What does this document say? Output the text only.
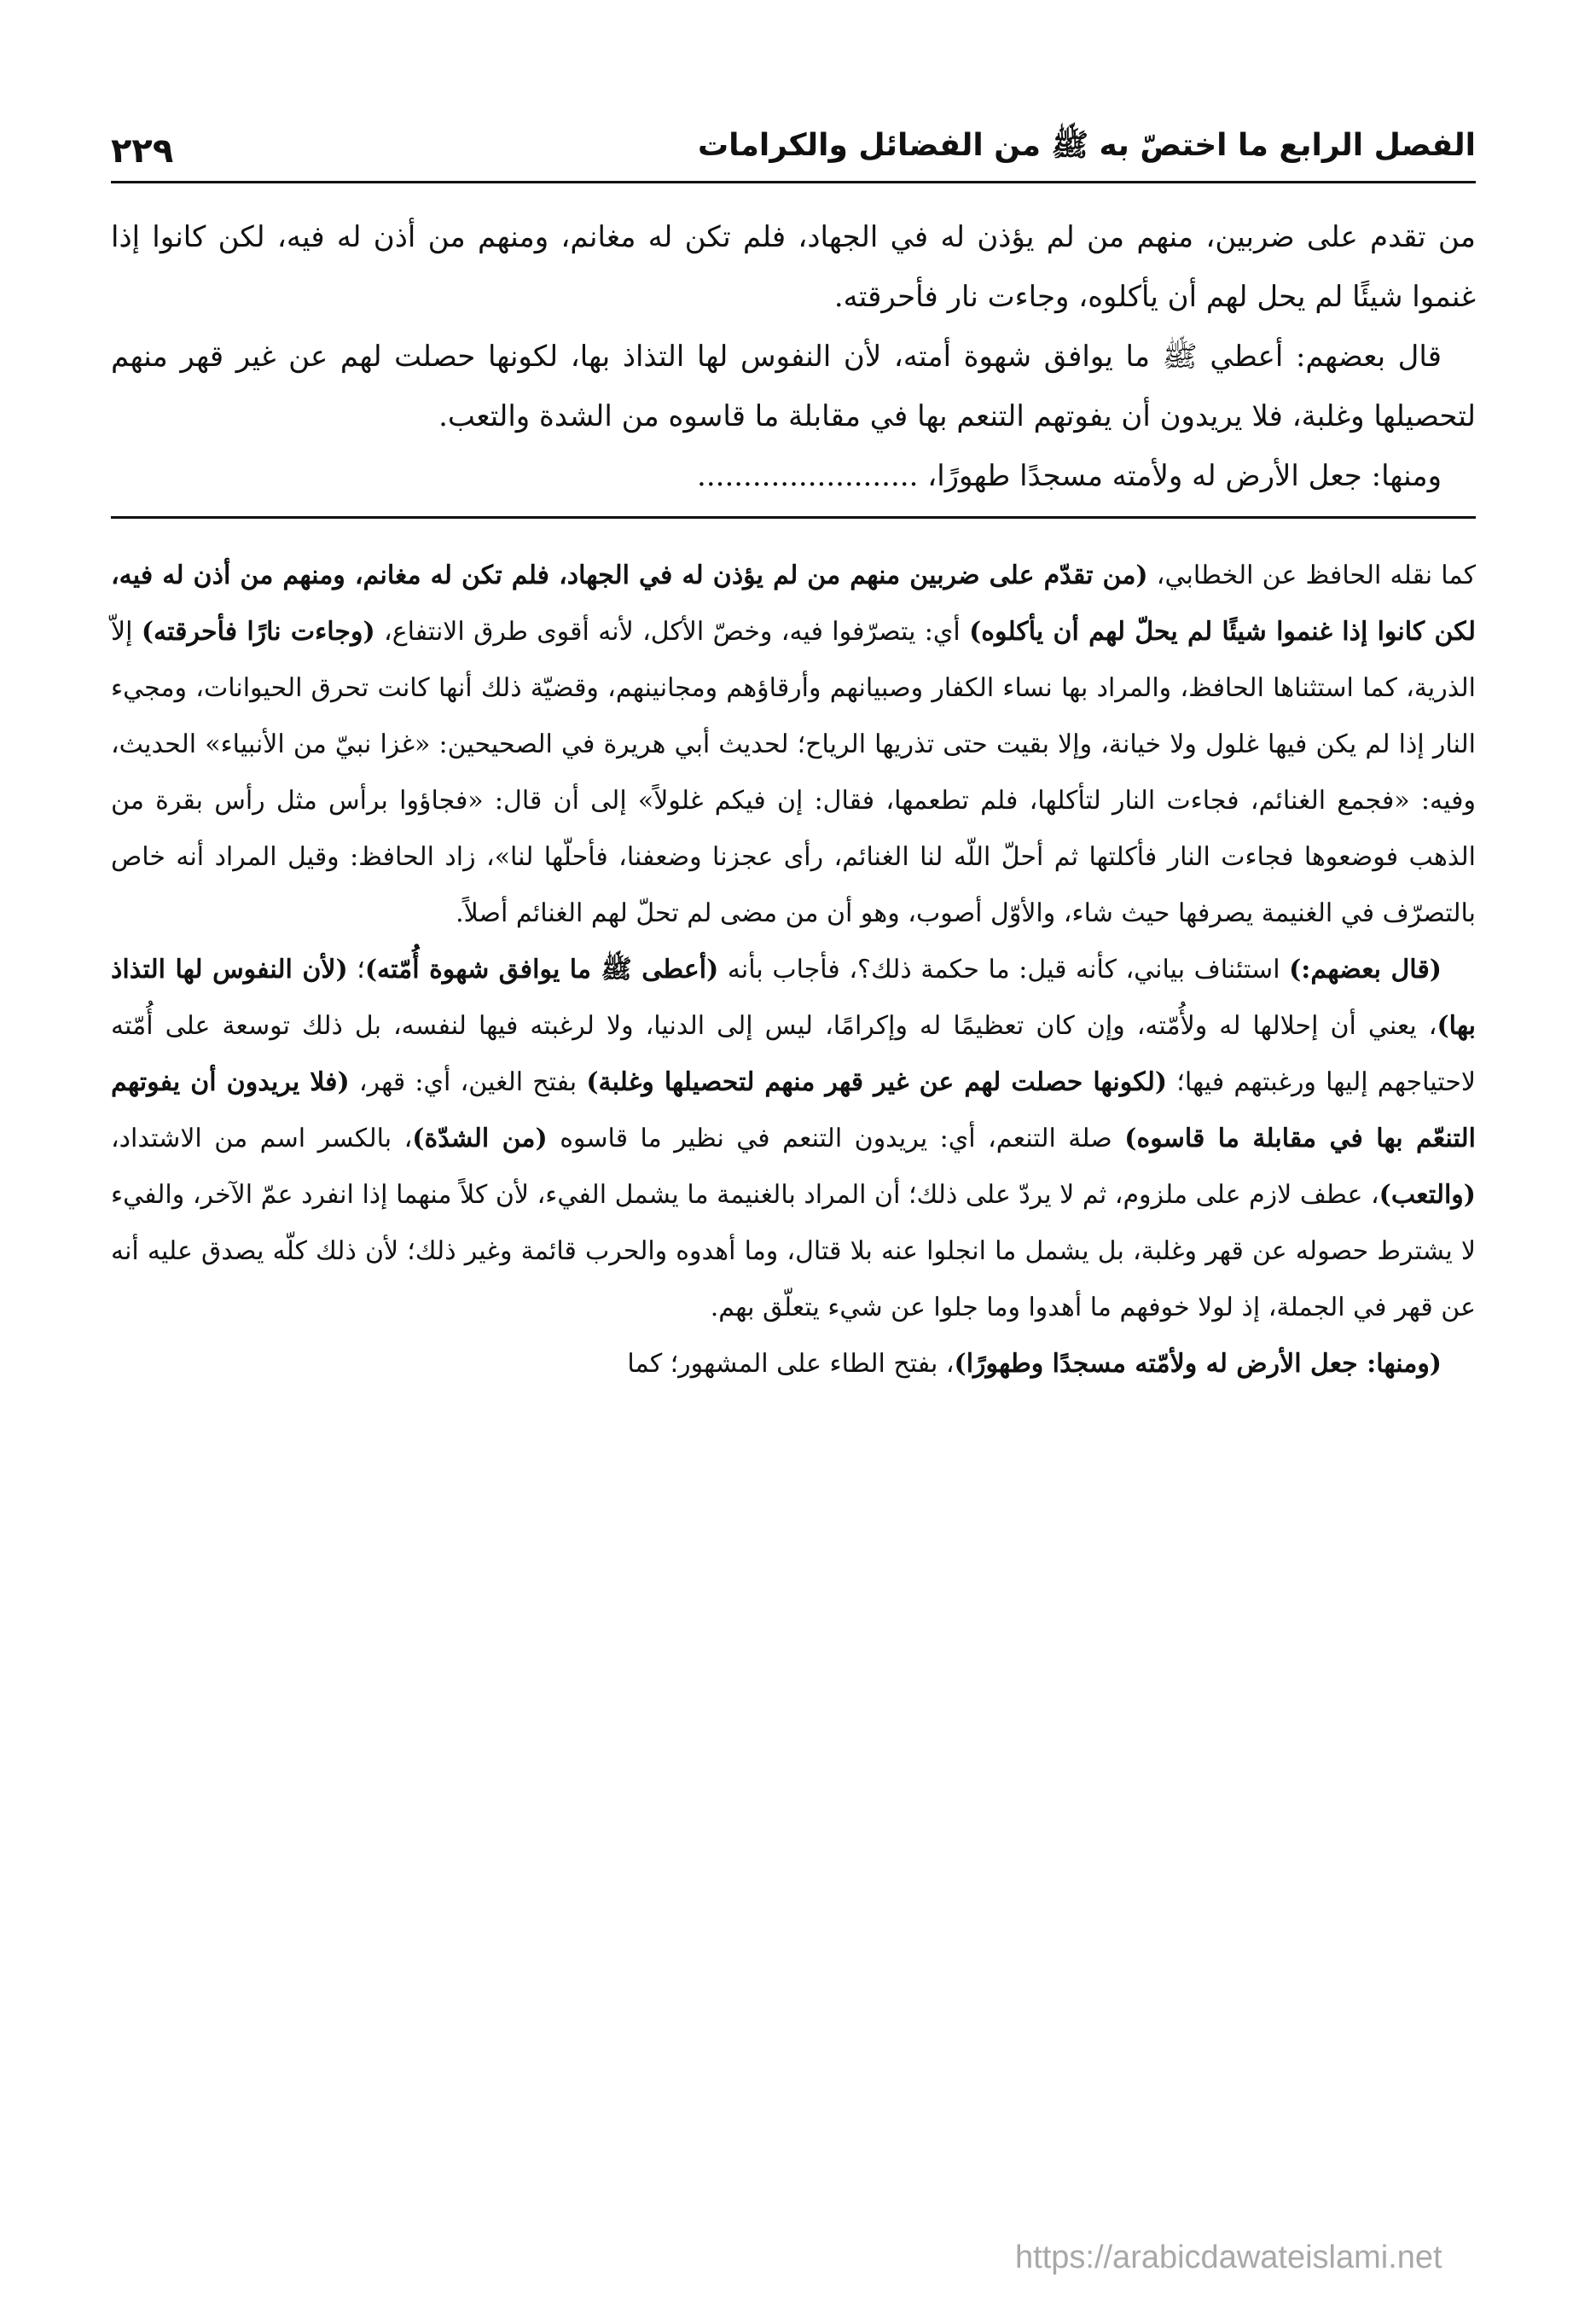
الفصل الرابع ما اختصّ به ﷺ من الفضائل والكرامات
٢٢٩

من تقدم على ضربين، منهم من لم يؤذن له في الجهاد، فلم تكن له مغانم، ومنهم من أذن له فيه، لكن كانوا إذا غنموا شيئًا لم يحل لهم أن يأكلوه، وجاءت نار فأحرقته.

قال بعضهم: أعطي ﷺ ما يوافق شهوة أمته، لأن النفوس لها التذاذ بها، لكونها حصلت لهم عن غير قهر منهم لتحصيلها وغلبة، فلا يريدون أن يفوتهم التنعم بها في مقابلة ما قاسوه من الشدة والتعب.

ومنها: جعل الأرض له ولأمته مسجدًا طهورًا، ........................

كما نقله الحافظ عن الخطابي، (من تقدّم على ضربين منهم من لم يؤذن له في الجهاد، فلم تكن له مغانم، ومنهم من أذن له فيه، لكن كانوا إذا غنموا شيئًا لم يحلّ لهم أن يأكلوه) أي: يتصرّفوا فيه، وخصّ الأكل، لأنه أقوى طرق الانتفاع، (وجاءت نارًا فأحرقته) إلاّ الذرية، كما استثناها الحافظ، والمراد بها نساء الكفار وصبيانهم وأرقاؤهم ومجانينهم، وقضيّة ذلك أنها كانت تحرق الحيوانات، ومجيء النار إذا لم يكن فيها غلول ولا خيانة، وإلا بقيت حتى تذريها الرياح؛ لحديث أبي هريرة في الصحيحين: «غزا نبيّ من الأنبياء» الحديث، وفيه: «فجمع الغنائم، فجاءت النار لتأكلها، فلم تطعمها، فقال: إن فيكم غلولاً» إلى أن قال: «فجاؤوا برأس مثل رأس بقرة من الذهب فوضعوها فجاءت النار فأكلتها ثم أحلّ اللّه لنا الغنائم، رأى عجزنا وضعفنا، فأحلّها لنا»، زاد الحافظ: وقيل المراد أنه خاص بالتصرّف في الغنيمة يصرفها حيث شاء، والأوّل أصوب، وهو أن من مضى لم تحلّ لهم الغنائم أصلاً.

(قال بعضهم:) استئناف بياني، كأنه قيل: ما حكمة ذلك؟، فأجاب بأنه (أعطى ﷺ ما يوافق شهوة أُمّته)؛ (لأن النفوس لها التذاذ بها)، يعني أن إحلالها له ولأُمّته، وإن كان تعظيمًا له وإكرامًا، ليس إلى الدنيا، ولا لرغبته فيها لنفسه، بل ذلك توسعة على أُمّته لاحتياجهم إليها ورغبتهم فيها؛ (لكونها حصلت لهم عن غير قهر منهم لتحصيلها وغلبة) بفتح الغين، أي: قهر، (فلا يريدون أن يفوتهم التنعّم بها في مقابلة ما قاسوه) صلة التنعم، أي: يريدون التنعم في نظير ما قاسوه (من الشدّة)، بالكسر اسم من الاشتداد، (والتعب)، عطف لازم على ملزوم، ثم لا يردّ على ذلك؛ أن المراد بالغنيمة ما يشمل الفيء، لأن كلاً منهما إذا انفرد عمّ الآخر، والفيء لا يشترط حصوله عن قهر وغلبة، بل يشمل ما انجلوا عنه بلا قتال، وما أهدوه والحرب قائمة وغير ذلك؛ لأن ذلك كلّه يصدق عليه أنه عن قهر في الجملة، إذ لولا خوفهم ما أهدوا وما جلوا عن شيء يتعلّق بهم.

(ومنها: جعل الأرض له ولأمّته مسجدًا وطهورًا)، بفتح الطاء على المشهور؛ كما

https://arabicdawateislami.net
